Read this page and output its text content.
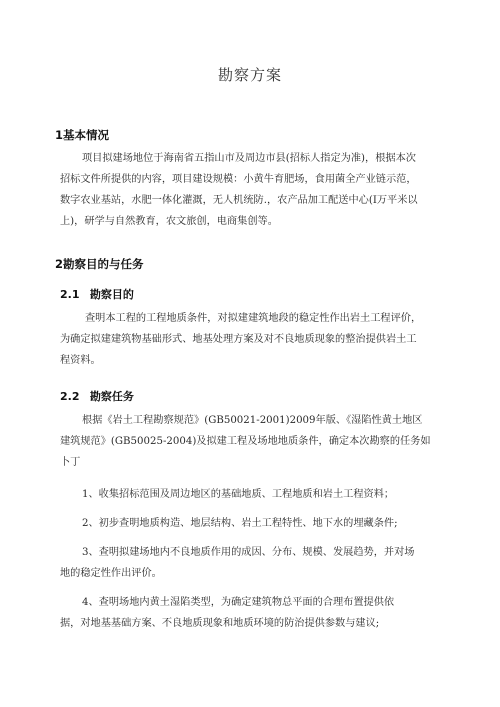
勘察方案
1基本情况
项目拟建场地位于海南省五指山市及周边市县(招标人指定为准)，根据本次
招标文件所提供的内容，项目建设规模：小黄牛育肥场，食用菌全产业链示范，
数字农业基站，水肥一体化灌溉，无人机统防.，农产品加工配送中心(I万平米以
上)，研学与自然教育，农文旅创，电商集创等。
2勘察目的与任务
2.1 勘察目的
查明本工程的工程地质条件，对拟建建筑地段的稳定性作出岩土工程评价，
为确定拟建建筑物基础形式、地基处理方案及对不良地质现象的整治提供岩土工
程资料。
2.2 勘察任务
根据《岩土工程勘察规范》(GB50021-2001)2009年版、《湿陷性黄土地区
建筑规范》(GB50025-2004)及拟建工程及场地地质条件，确定本次勘察的任务如
卜丁
1、收集招标范围及周边地区的基础地质、工程地质和岩土工程资料；
2、初步查明地质构造、地层结构、岩土工程特性、地下水的埋藏条件;
3、查明拟建场地内不良地质作用的成因、分布、规模、发展趋势，并对场
地的稳定性作出评价。
4、查明场地内黄土湿陷类型，为确定建筑物总平面的合理布置提供依
据，对地基基础方案、不良地质现象和地质环境的防治提供参数与建议;
